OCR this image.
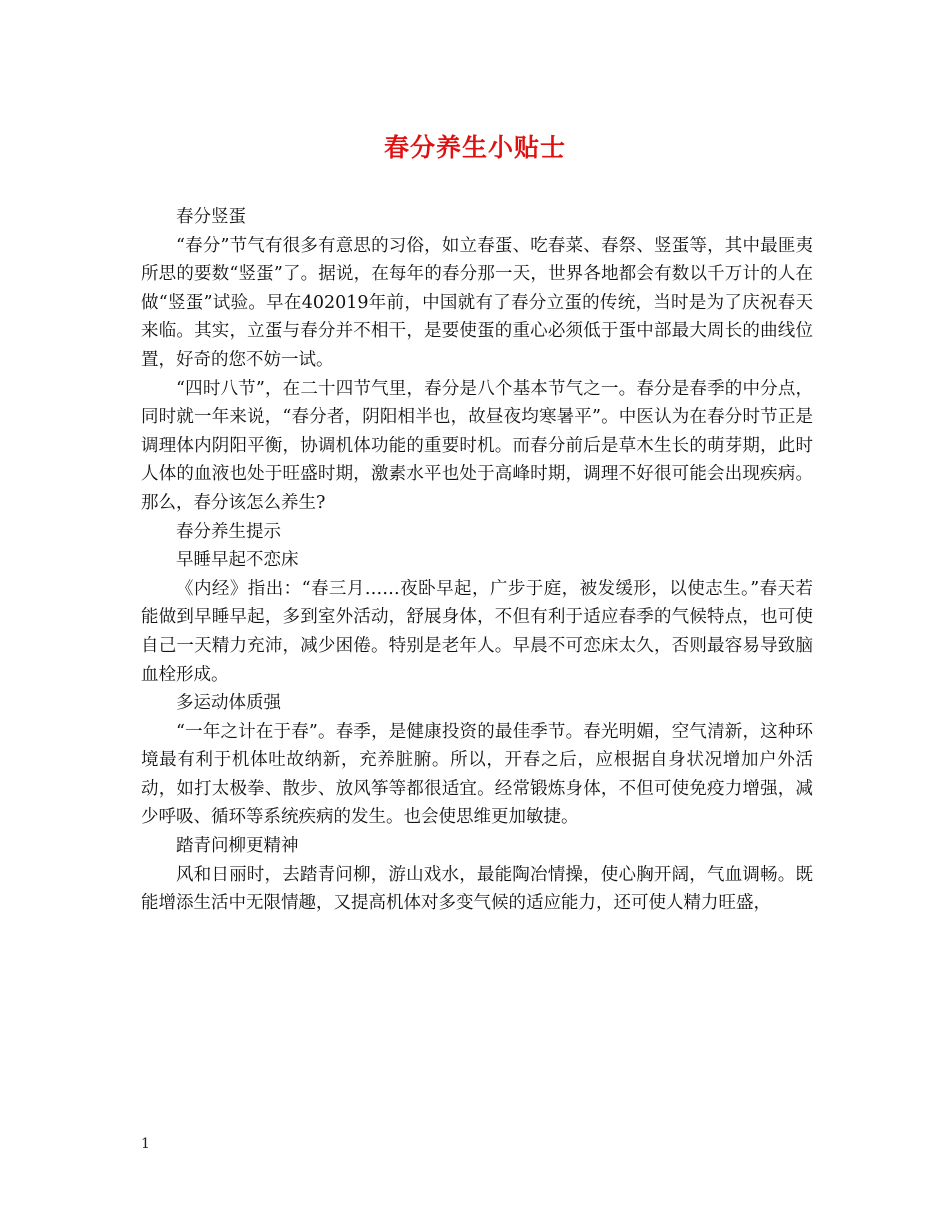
春分养生小贴士

春分竖蛋

“春分”节气有很多有意思的习俗，如立春蛋、吃春菜、春祭、竖蛋等，其中最匪夷所思的要数“竖蛋”了。据说，在每年的春分那一天，世界各地都会有数以千万计的人在做“竖蛋”试验。早在402019年前，中国就有了春分立蛋的传统，当时是为了庆祝春天来临。其实，立蛋与春分并不相干，是要使蛋的重心必须低于蛋中部最大周长的曲线位置，好奇的您不妨一试。

“四时八节”，在二十四节气里，春分是八个基本节气之一。春分是春季的中分点，同时就一年来说，“春分者，阴阳相半也，故昼夜均寒暑平”。中医认为在春分时节正是调理体内阴阳平衡，协调机体功能的重要时机。而春分前后是草木生长的萌芽期，此时人体的血液也处于旺盛时期，激素水平也处于高峰时期，调理不好很可能会出现疾病。那么，春分该怎么养生?

春分养生提示

早睡早起不恋床

《内经》指出：“春三月……夜卧早起，广步于庭，被发缓形，以使志生。”春天若能做到早睡早起，多到室外活动，舒展身体，不但有利于适应春季的气候特点，也可使自己一天精力充沛，减少困倦。特别是老年人。早晨不可恋床太久，否则最容易导致脑血栓形成。

多运动体质强

“一年之计在于春”。春季，是健康投资的最佳季节。春光明媚，空气清新，这种环境最有利于机体吐故纳新，充养脏腑。所以，开春之后，应根据自身状况增加户外活动，如打太极拳、散步、放风筝等都很适宜。经常锻炼身体，不但可使免疫力增强，减少呼吸、循环等系统疾病的发生。也会使思维更加敏捷。

踏青问柳更精神

风和日丽时，去踏青问柳，游山戏水，最能陶冶情操，使心胸开阔，气血调畅。既能增添生活中无限情趣，又提高机体对多变气候的适应能力，还可使人精力旺盛，

1
